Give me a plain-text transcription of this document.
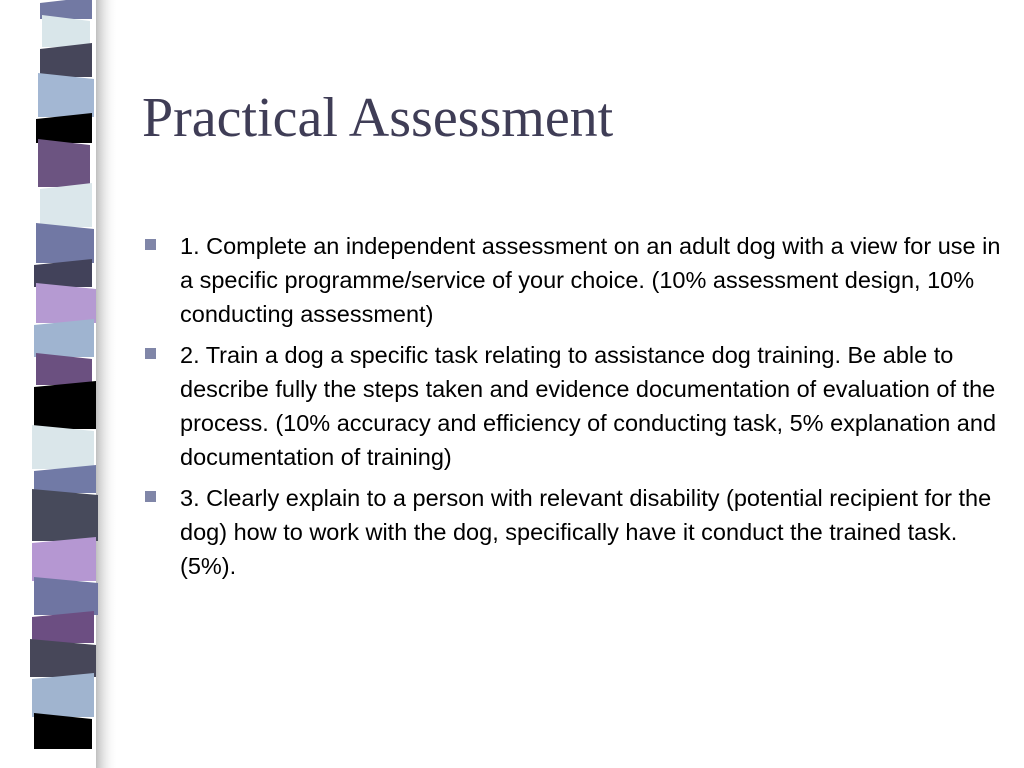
Practical Assessment
1. Complete an independent assessment on an adult dog with a view for use in a specific programme/service of your choice. (10% assessment design, 10% conducting assessment)
2. Train a dog a specific task relating to assistance dog training. Be able to describe fully the steps taken and evidence documentation of evaluation of the process. (10% accuracy and efficiency of conducting task, 5% explanation and documentation of training)
3. Clearly explain to a person with relevant disability (potential recipient for the dog) how to work with the dog, specifically have it conduct the trained task. (5%).
